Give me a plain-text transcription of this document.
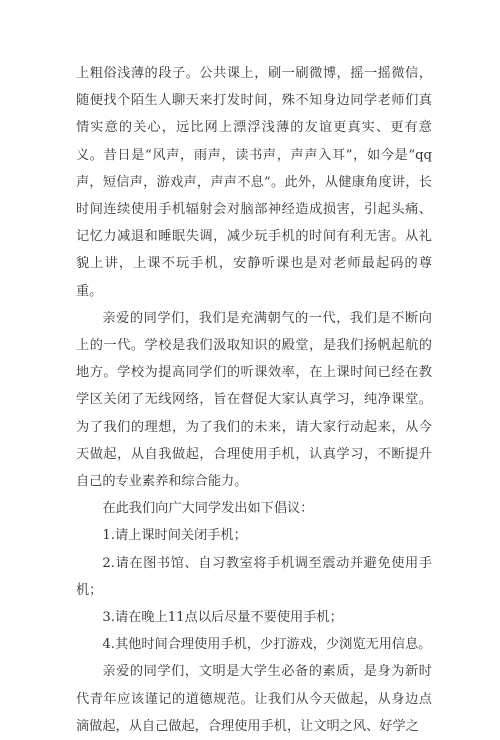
上粗俗浅薄的段子。公共课上，刷一刷微博，摇一摇微信，随便找个陌生人聊天来打发时间，殊不知身边同学老师们真情实意的关心，远比网上漂浮浅薄的友谊更真实、更有意义。昔日是“风声，雨声，读书声，声声入耳”，如今是“qq声，短信声，游戏声，声声不息”。此外，从健康角度讲，长时间连续使用手机辐射会对脑部神经造成损害，引起头痛、记忆力减退和睡眠失调，减少玩手机的时间有利无害。从礼貌上讲，上课不玩手机，安静听课也是对老师最起码的尊重。

亲爱的同学们，我们是充满朝气的一代，我们是不断向上的一代。学校是我们汲取知识的殿堂，是我们扬帆起航的地方。学校为提高同学们的听课效率，在上课时间已经在教学区关闭了无线网络，旨在督促大家认真学习，纯净课堂。为了我们的理想，为了我们的未来，请大家行动起来，从今天做起，从自我做起，合理使用手机，认真学习，不断提升自己的专业素养和综合能力。

在此我们向广大同学发出如下倡议：

1.请上课时间关闭手机；

2.请在图书馆、自习教室将手机调至震动并避免使用手机；

3.请在晚上11点以后尽量不要使用手机；

4.其他时间合理使用手机，少打游戏，少浏览无用信息。

亲爱的同学们，文明是大学生必备的素质，是身为新时代青年应该谨记的道德规范。让我们从今天做起，从身边点滴做起，从自己做起，合理使用手机，让文明之风、好学之
